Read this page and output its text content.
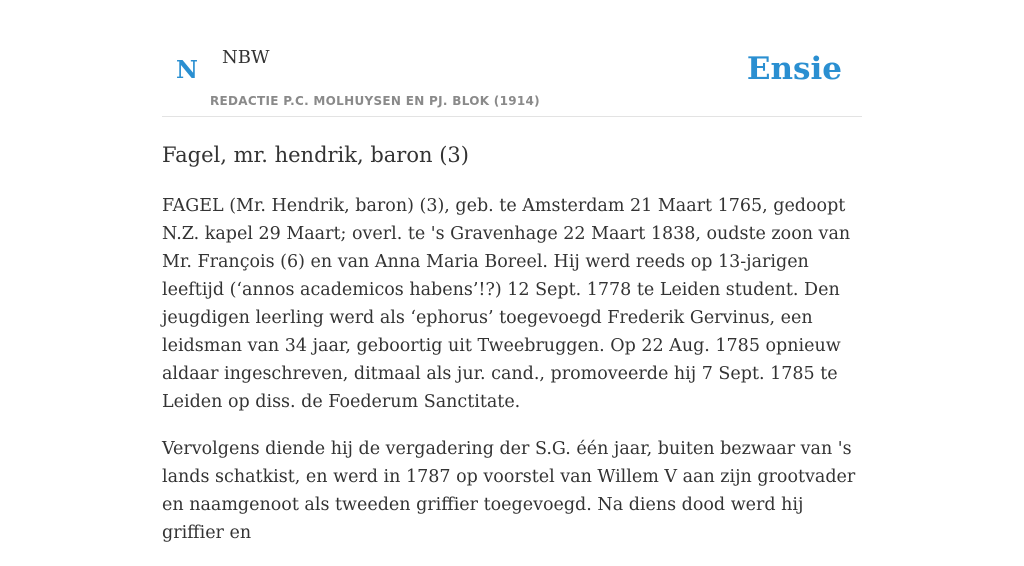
N NBW
REDACTIE P.C. MOLHUYSEN EN PJ. BLOK (1914)
Ensie
Fagel, mr. hendrik, baron (3)

FAGEL (Mr. Hendrik, baron) (3), geb. te Amsterdam 21 Maart 1765, gedoopt N.Z. kapel 29 Maart; overl. te 's Gravenhage 22 Maart 1838, oudste zoon van Mr. François (6) en van Anna Maria Boreel. Hij werd reeds op 13-jarigen leeftijd (‘annos academicos habens’!?) 12 Sept. 1778 te Leiden student. Den jeugdigen leerling werd als ‘ephorus’ toegevoegd Frederik Gervinus, een leidsman van 34 jaar, geboortig uit Tweebruggen. Op 22 Aug. 1785 opnieuw aldaar ingeschreven, ditmaal als jur. cand., promoveerde hij 7 Sept. 1785 te Leiden op diss. de Foederum Sanctitate.

Vervolgens diende hij de vergadering der S.G. één jaar, buiten bezwaar van 's lands schatkist, en werd in 1787 op voorstel van Willem V aan zijn grootvader en naamgenoot als tweeden griffier toegevoegd. Na diens dood werd hij griffier en
